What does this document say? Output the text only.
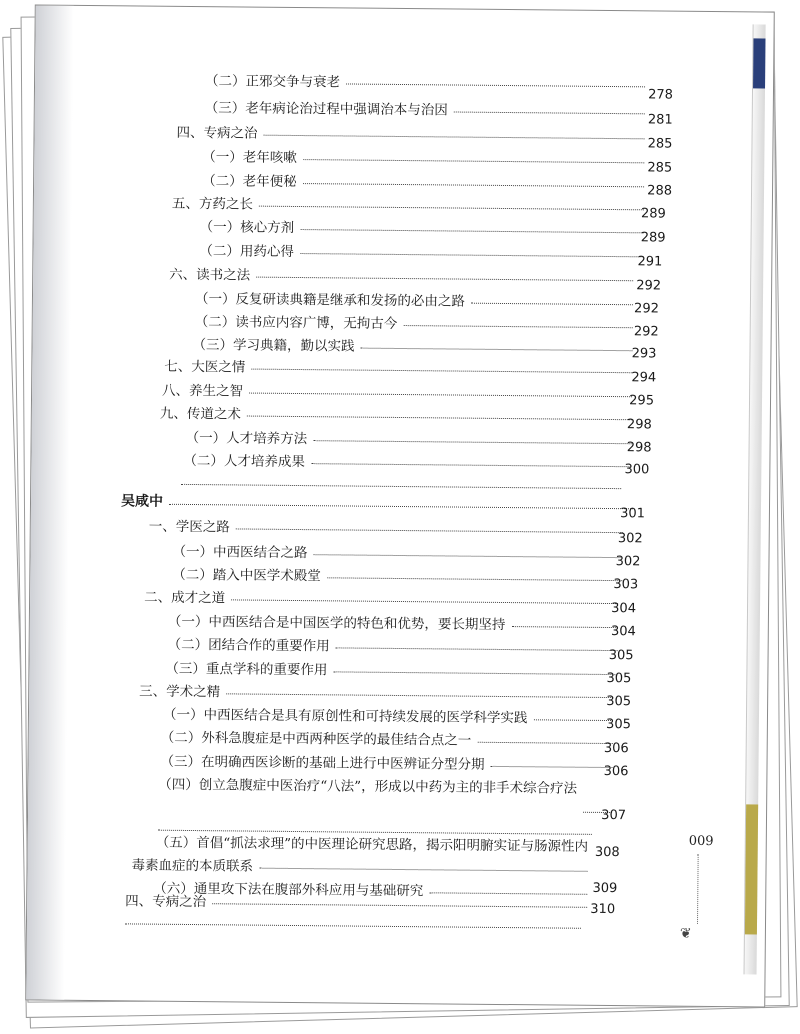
（二）正邪交争与衰老
（三）老年病论治过程中强调治本与治因
278
四、专病之治
281
（一）老年咳嗽
285
（二）老年便秘
285
五、方药之长
288
（一）核心方剂
289
（二）用药心得
289
六、读书之法
291
（一）反复研读典籍是继承和发扬的必由之路
292
（二）读书应内容广博，无拘古今
292
（三）学习典籍，勤以实践
292
七、大医之情
293
八、养生之智
294
九、传道之术
295
（一）人才培养方法
298
（二）人才培养成果
298
300
吴咸中
一、学医之路
301
（一）中西医结合之路
302
（二）踏入中医学术殿堂
302
二、成才之道
303
（一）中西医结合是中国医学的特色和优势，要长期坚持
304
（二）团结合作的重要作用
304
（三）重点学科的重要作用
305
三、学术之精
305
（一）中西医结合是具有原创性和可持续发展的医学科学实践
305
（二）外科急腹症是中西两种医学的最佳结合点之一
305
（三）在明确西医诊断的基础上进行中医辨证分型分期
306
（四）创立急腹症中医治疗“八法”，形成以中药为主的非手术综合疗法
306
307
（五）首倡“抓法求理”的中医理论研究思路，揭示阳明腑实证与肠源性内
毒素血症的本质联系
308
（六）通里攻下法在腹部外科应用与基础研究
四、专病之治
309
310
009
❦
